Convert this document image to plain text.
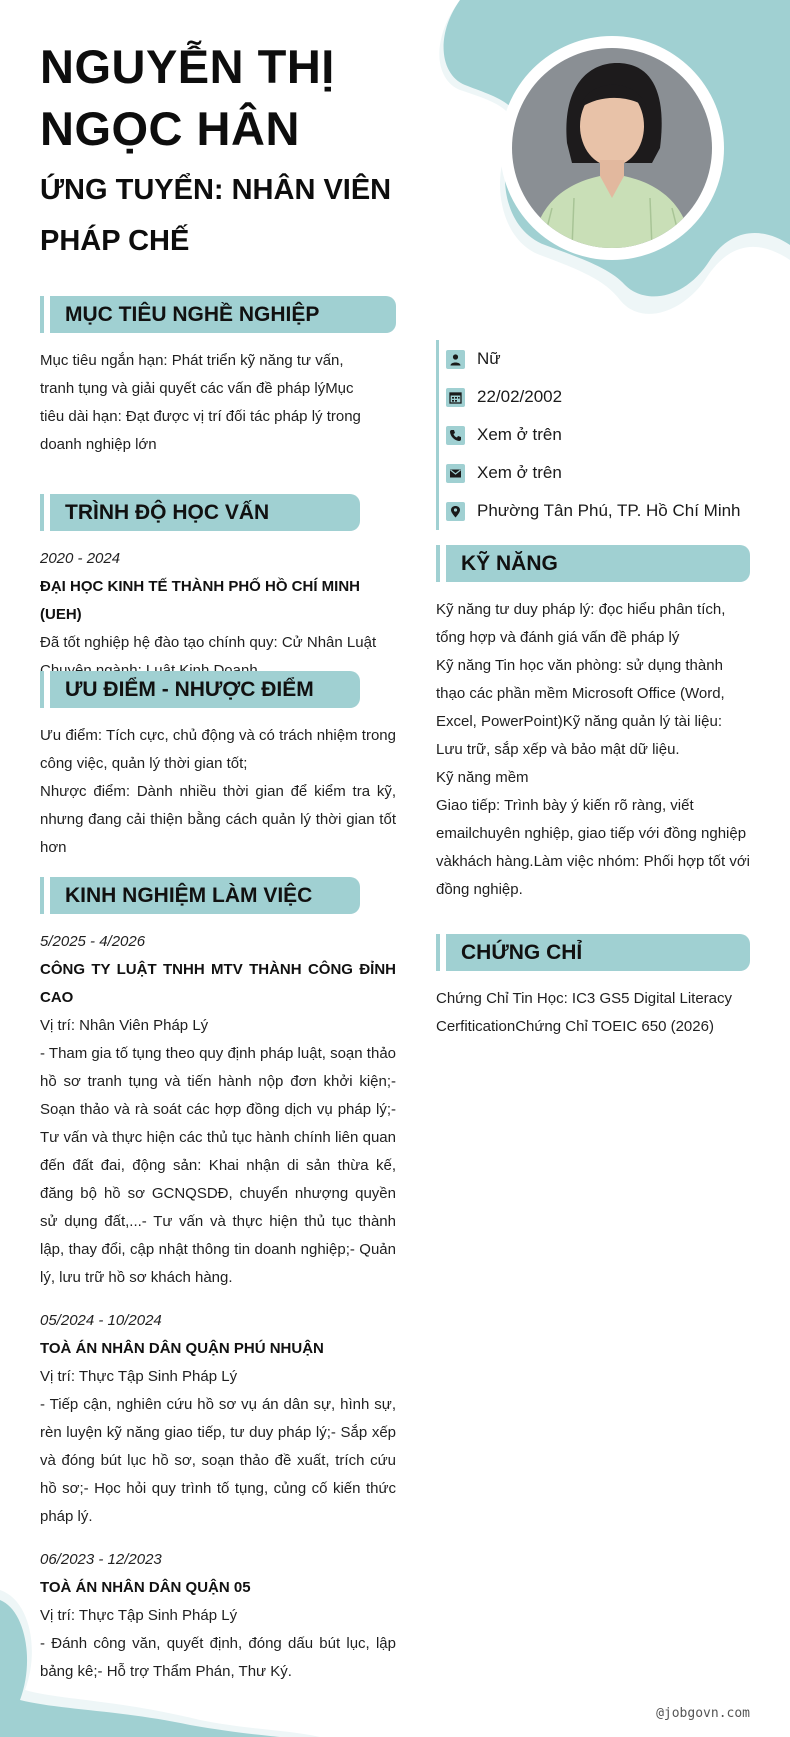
NGUYỄN THỊ
NGỌC HÂN
ỨNG TUYỂN: NHÂN VIÊN
PHÁP CHẾ
MỤC TIÊU NGHỀ NGHIỆP
Mục tiêu ngắn hạn: Phát triển kỹ năng tư vấn, tranh tụng và giải quyết các vấn đề pháp lýMục tiêu dài hạn: Đạt được vị trí đối tác pháp lý trong doanh nghiệp lớn
TRÌNH ĐỘ HỌC VẤN
2020 - 2024
ĐẠI HỌC KINH TẾ THÀNH PHỐ HỒ CHÍ MINH (UEH)
Đã tốt nghiệp hệ đào tạo chính quy: Cử Nhân Luật
ƯU ĐIỂM - NHƯỢC ĐIỂM
Ưu điểm: Tích cực, chủ động và có trách nhiệm trong công việc, quản lý thời gian tốt;
Nhược điểm: Dành nhiều thời gian để kiểm tra kỹ, nhưng đang cải thiện bằng cách quản lý thời gian tốt hơn
KINH NGHIỆM LÀM VIỆC
5/2025 - 4/2026
CÔNG TY LUẬT TNHH MTV THÀNH CÔNG ĐỈNH CAO
Vị trí: Nhân Viên Pháp Lý
- Tham gia tố tụng theo quy định pháp luật, soạn thảo hồ sơ tranh tụng và tiến hành nộp đơn khởi kiện;- Soạn thảo và rà soát các hợp đồng dịch vụ pháp lý;- Tư vấn và thực hiện các thủ tục hành chính liên quan đến đất đai, động sản: Khai nhận di sản thừa kế, đăng bộ hồ sơ GCNQSDĐ, chuyển nhượng quyền sử dụng đất,...- Tư vấn và thực hiện thủ tục thành lập, thay đổi, cập nhật thông tin doanh nghiệp;- Quản lý, lưu trữ hồ sơ khách hàng.
05/2024 - 10/2024
TOÀ ÁN NHÂN DÂN QUẬN PHÚ NHUẬN
Vị trí: Thực Tập Sinh Pháp Lý
- Tiếp cận, nghiên cứu hồ sơ vụ án dân sự, hình sự, rèn luyện kỹ năng giao tiếp, tư duy pháp lý;- Sắp xếp và đóng bút lục hồ sơ, soạn thảo đề xuất, trích cứu hồ sơ;- Học hỏi quy trình tố tụng, củng cố kiến thức pháp lý.
06/2023 - 12/2023
TOÀ ÁN NHÂN DÂN QUẬN 05
Vị trí: Thực Tập Sinh Pháp Lý
- Đánh công văn, quyết định, đóng dấu bút lục, lập bảng kê;- Hỗ trợ Thẩm Phán, Thư Ký.
Nữ
22/02/2002
Xem ở trên
Xem ở trên
Phường Tân Phú, TP. Hồ Chí Minh
KỸ NĂNG
Kỹ năng tư duy pháp lý: đọc hiểu phân tích, tổng hợp và đánh giá vấn đề pháp lý
Kỹ năng Tin học văn phòng: sử dụng thành thạo các phần mềm Microsoft Office (Word, Excel, PowerPoint)Kỹ năng quản lý tài liệu: Lưu trữ, sắp xếp và bảo mật dữ liệu.
Kỹ năng mềm
Giao tiếp: Trình bày ý kiến rõ ràng, viết emailchuyên nghiệp, giao tiếp với đồng nghiệp vàkhách hàng.Làm việc nhóm: Phối hợp tốt với đồng nghiệp.
CHỨNG CHỈ
Chứng Chỉ Tin Học: IC3 GS5 Digital Literacy CerfiticationChứng Chỉ TOEIC 650 (2026)
@jobgovn.com
